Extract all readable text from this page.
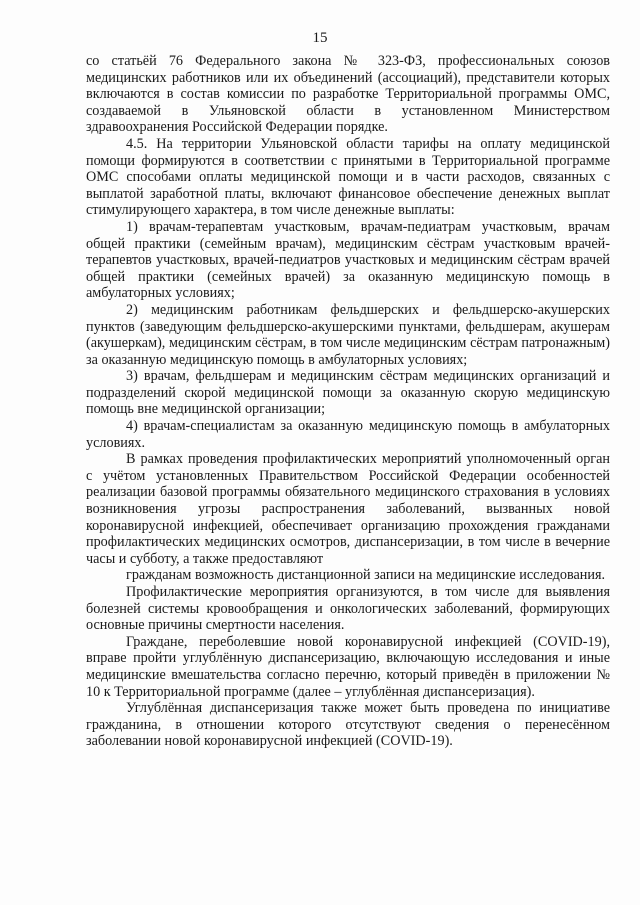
15

со статьёй 76 Федерального закона № 323-ФЗ, профессиональных союзов медицинских работников или их объединений (ассоциаций), представители которых включаются в состав комиссии по разработке Территориальной программы ОМС, создаваемой в Ульяновской области в установленном Министерством здравоохранения Российской Федерации порядке.

4.5. На территории Ульяновской области тарифы на оплату медицинской помощи формируются в соответствии с принятыми в Территориальной программе ОМС способами оплаты медицинской помощи и в части расходов, связанных с выплатой заработной платы, включают финансовое обеспечение денежных выплат стимулирующего характера, в том числе денежные выплаты:

1) врачам-терапевтам участковым, врачам-педиатрам участковым, врачам общей практики (семейным врачам), медицинским сёстрам участковым врачей-терапевтов участковых, врачей-педиатров участковых и медицинским сёстрам врачей общей практики (семейных врачей) за оказанную медицинскую помощь в амбулаторных условиях;

2) медицинским работникам фельдшерских и фельдшерско-акушерских пунктов (заведующим фельдшерско-акушерскими пунктами, фельдшерам, акушерам (акушеркам), медицинским сёстрам, в том числе медицинским сёстрам патронажным) за оказанную медицинскую помощь в амбулаторных условиях;

3) врачам, фельдшерам и медицинским сёстрам медицинских организаций и подразделений скорой медицинской помощи за оказанную скорую медицинскую помощь вне медицинской организации;

4) врачам-специалистам за оказанную медицинскую помощь в амбулаторных условиях.

В рамках проведения профилактических мероприятий уполномоченный орган с учётом установленных Правительством Российской Федерации особенностей реализации базовой программы обязательного медицинского страхования в условиях возникновения угрозы распространения заболеваний, вызванных новой коронавирусной инфекцией, обеспечивает организацию прохождения гражданами профилактических медицинских осмотров, диспансеризации, в том числе в вечерние часы и субботу, а также предоставляют

гражданам возможность дистанционной записи на медицинские исследования.

Профилактические мероприятия организуются, в том числе для выявления болезней системы кровообращения и онкологических заболеваний, формирующих основные причины смертности населения.

Граждане, переболевшие новой коронавирусной инфекцией (COVID-19), вправе пройти углублённую диспансеризацию, включающую исследования и иные медицинские вмешательства согласно перечню, который приведён в приложении № 10 к Территориальной программе (далее – углублённая диспансеризация).

Углублённая диспансеризация также может быть проведена по инициативе гражданина, в отношении которого отсутствуют сведения о перенесённом заболевании новой коронавирусной инфекцией (COVID-19).
